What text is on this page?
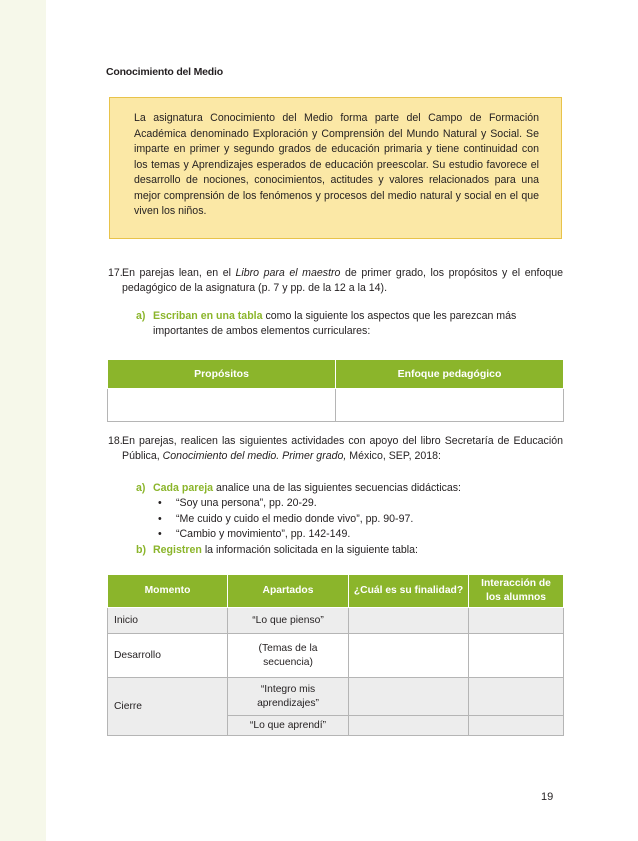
Conocimiento del Medio

La asignatura Conocimiento del Medio forma parte del Campo de Formación Académica denominado Exploración y Comprensión del Mundo Natural y Social. Se imparte en primer y segundo grados de educación primaria y tiene continuidad con los temas y Aprendizajes esperados de educación preescolar. Su estudio favorece el desarrollo de nociones, conocimientos, actitudes y valores relacionados para una mejor comprensión de los fenómenos y procesos del medio natural y social en el que viven los niños.

17. En parejas lean, en el Libro para el maestro de primer grado, los propósitos y el enfoque pedagógico de la asignatura (p. 7 y pp. de la 12 a la 14).
a) Escriban en una tabla como la siguiente los aspectos que les parezcan más importantes de ambos elementos curriculares:
Propósitos	Enfoque pedagógico

18. En parejas, realicen las siguientes actividades con apoyo del libro Secretaría de Educación Pública, Conocimiento del medio. Primer grado, México, SEP, 2018:
a) Cada pareja analice una de las siguientes secuencias didácticas:
• “Soy una persona”, pp. 20-29.
• “Me cuido y cuido el medio donde vivo”, pp. 90-97.
• “Cambio y movimiento”, pp. 142-149.
b) Registren la información solicitada en la siguiente tabla:
Momento	Apartados	¿Cuál es su finalidad?	Interacción de los alumnos
Inicio	“Lo que pienso”		
Desarrollo	(Temas de la secuencia)		
Cierre	“Integro mis aprendizajes”		
	“Lo que aprendí”		
19
